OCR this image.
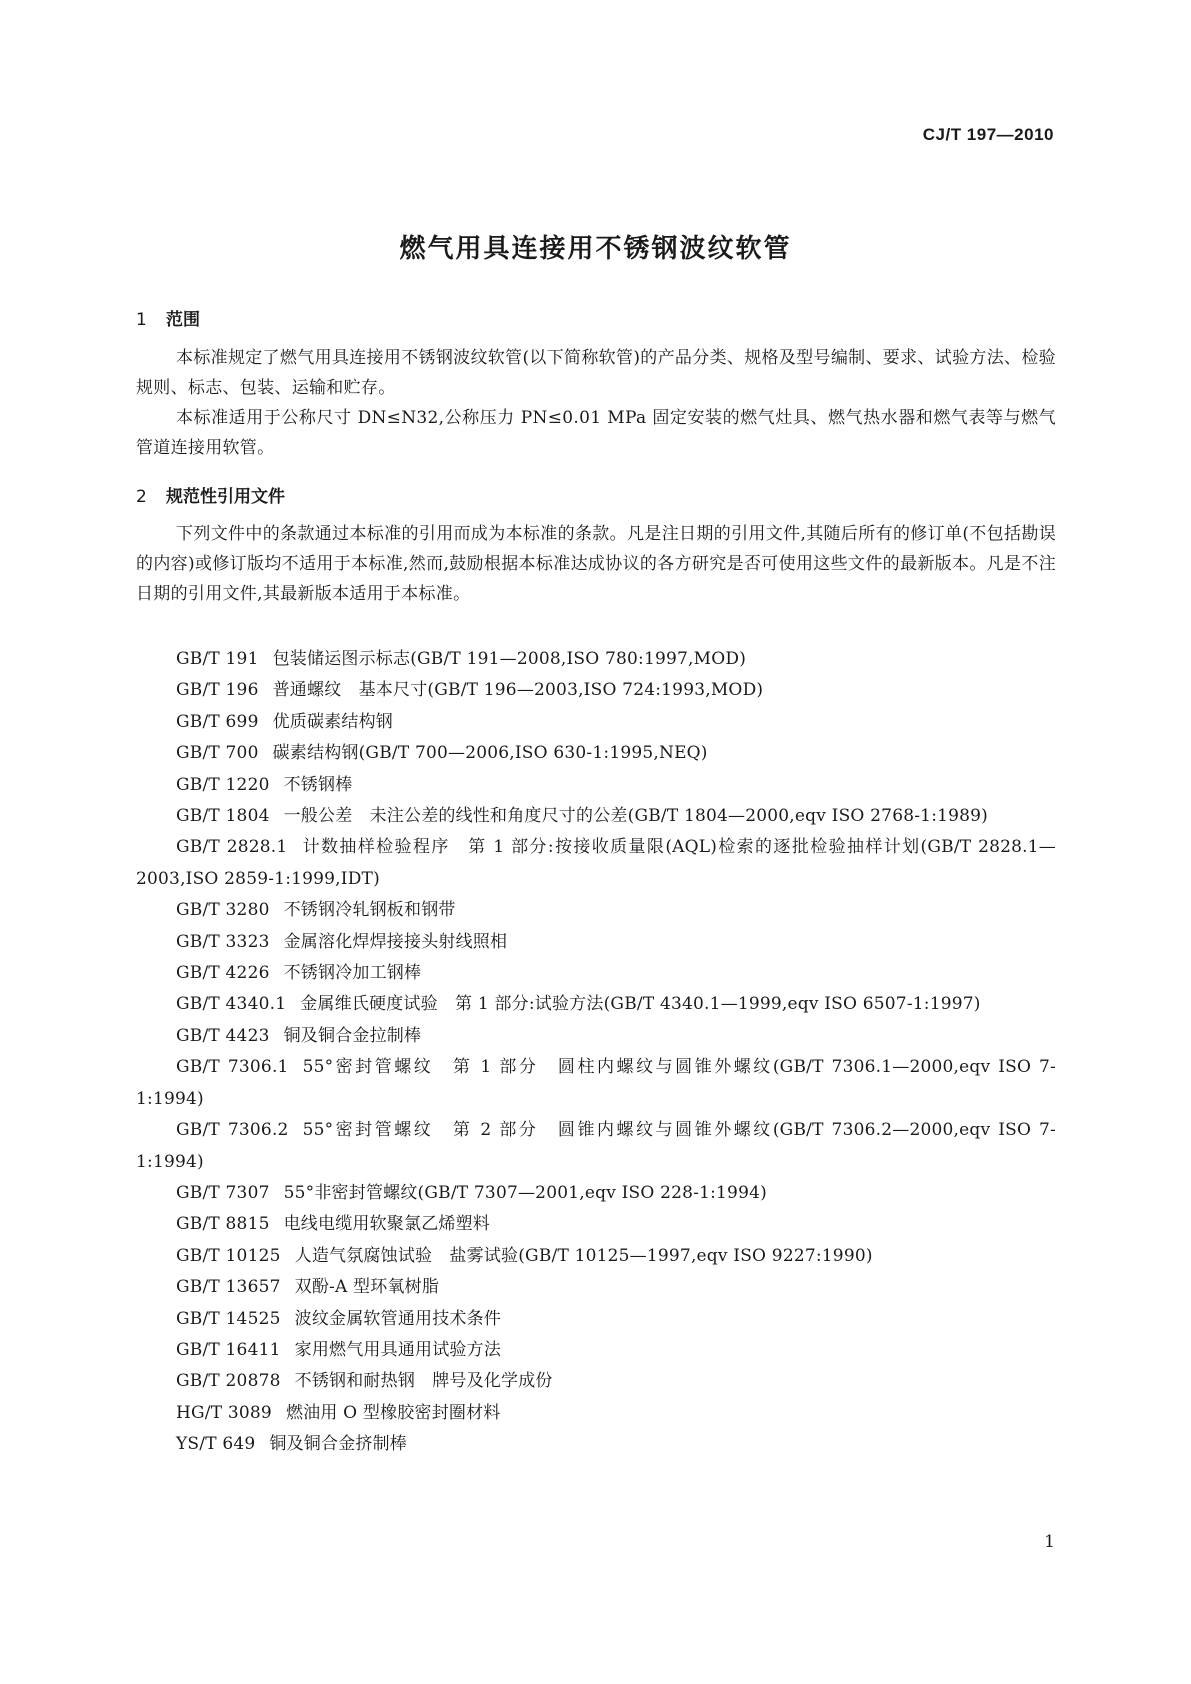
CJ/T 197—2010
燃气用具连接用不锈钢波纹软管
1 范围

本标准规定了燃气用具连接用不锈钢波纹软管(以下简称软管)的产品分类、规格及型号编制、要求、试验方法、检验规则、标志、包装、运输和贮存。

本标准适用于公称尺寸 DN≤N32,公称压力 PN≤0.01 MPa 固定安装的燃气灶具、燃气热水器和燃气表等与燃气管道连接用软管。

2 规范性引用文件

下列文件中的条款通过本标准的引用而成为本标准的条款。凡是注日期的引用文件,其随后所有的修订单(不包括勘误的内容)或修订版均不适用于本标准,然而,鼓励根据本标准达成协议的各方研究是否可使用这些文件的最新版本。凡是不注日期的引用文件,其最新版本适用于本标准。

GB/T 191 包装储运图示标志(GB/T 191—2008,ISO 780:1997,MOD)
GB/T 196 普通螺纹　基本尺寸(GB/T 196—2003,ISO 724:1993,MOD)
GB/T 699 优质碳素结构钢
GB/T 700 碳素结构钢(GB/T 700—2006,ISO 630-1:1995,NEQ)
GB/T 1220 不锈钢棒
GB/T 1804 一般公差　未注公差的线性和角度尺寸的公差(GB/T 1804—2000,eqv ISO 2768-1:1989)
GB/T 2828.1 计数抽样检验程序　第 1 部分:按接收质量限(AQL)检索的逐批检验抽样计划(GB/T 2828.1—2003,ISO 2859-1:1999,IDT)
GB/T 3280 不锈钢冷轧钢板和钢带
GB/T 3323 金属溶化焊焊接接头射线照相
GB/T 4226 不锈钢冷加工钢棒
GB/T 4340.1 金属维氏硬度试验　第 1 部分:试验方法(GB/T 4340.1—1999,eqv ISO 6507-1:1997)
GB/T 4423 铜及铜合金拉制棒
GB/T 7306.1 55°密封管螺纹　第 1 部分　圆柱内螺纹与圆锥外螺纹(GB/T 7306.1—2000,eqv ISO 7-1:1994)
GB/T 7306.2 55°密封管螺纹　第 2 部分　圆锥内螺纹与圆锥外螺纹(GB/T 7306.2—2000,eqv ISO 7-1:1994)
GB/T 7307 55°非密封管螺纹(GB/T 7307—2001,eqv ISO 228-1:1994)
GB/T 8815 电线电缆用软聚氯乙烯塑料
GB/T 10125 人造气氛腐蚀试验　盐雾试验(GB/T 10125—1997,eqv ISO 9227:1990)
GB/T 13657 双酚-A 型环氧树脂
GB/T 14525 波纹金属软管通用技术条件
GB/T 16411 家用燃气用具通用试验方法
GB/T 20878 不锈钢和耐热钢　牌号及化学成份
HG/T 3089 燃油用 O 型橡胶密封圈材料
YS/T 649 铜及铜合金挤制棒
1
